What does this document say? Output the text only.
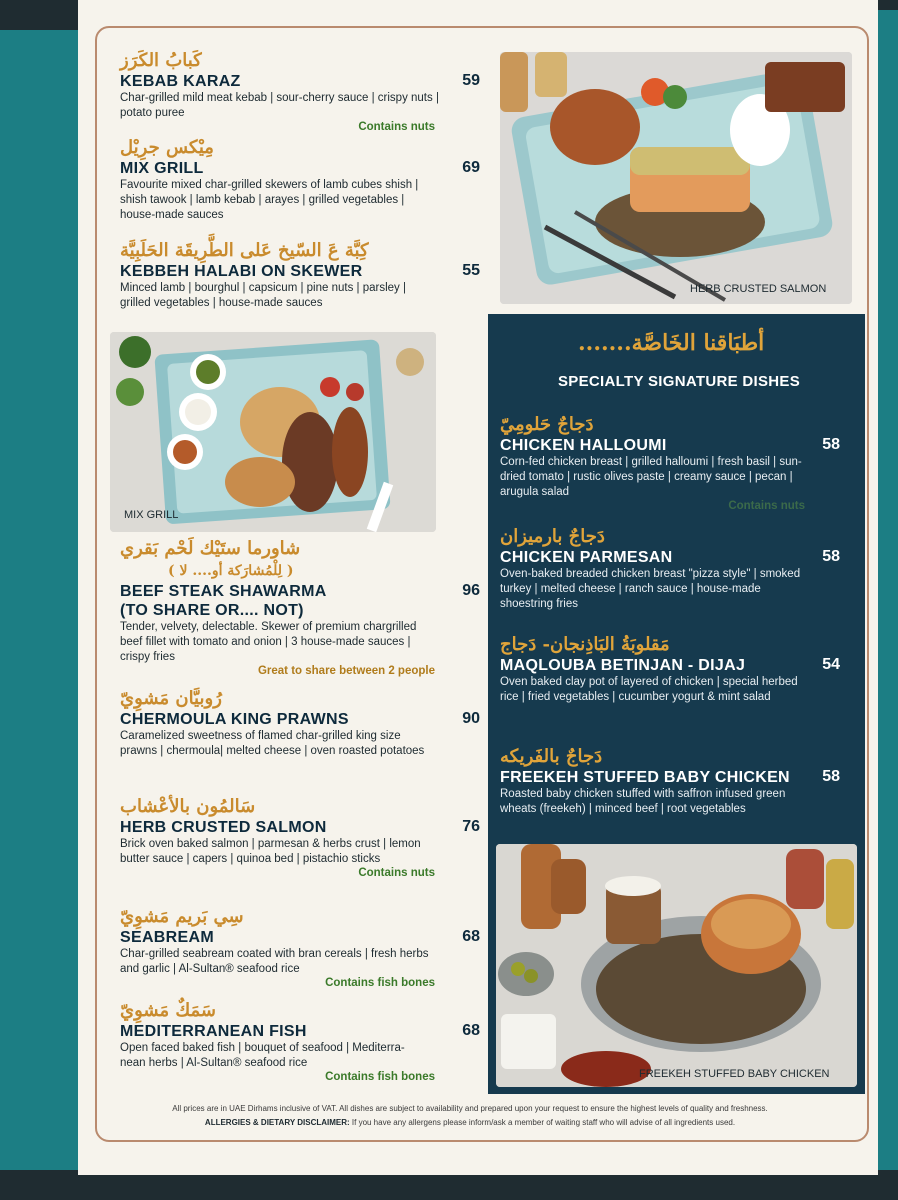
كَبابُ الكَرَز
KEBAB KARAZ	59
Char-grilled mild meat kebab | sour-cherry sauce | crispy nuts | potato puree
Contains nuts
مِيْكس جرِيْل
MIX GRILL	69
Favourite mixed char-grilled skewers of lamb cubes shish | shish tawook | lamb kebab | arayes | grilled vegetables | house-made sauces
كِبَّة عَ السّيخ عَلى الطَّرِيقَة الحَلَبِيَّة
KEBBEH HALABI ON SKEWER	55
Minced lamb | bourghul | capsicum | pine nuts | parsley | grilled vegetables | house-made sauces
MIX GRILL
شاورما ستَيْك لَحْم بَقري
( لِلْمُشارَكة أو.... لا )
BEEF STEAK SHAWARMA	96
(TO SHARE OR.... NOT)
Tender, velvety, delectable. Skewer of premium chargrilled beef fillet with tomato and onion | 3 house-made sauces | crispy fries
Great to share between 2 people
رُوبيَّان مَشوِيّ
CHERMOULA KING PRAWNS	90
Caramelized sweetness of flamed char-grilled king size prawns | chermoula| melted cheese | oven roasted potatoes
سَالمُون بالأعْشاب
HERB CRUSTED SALMON	76
Brick oven baked salmon | parmesan & herbs crust | lemon butter sauce | capers | quinoa bed | pistachio sticks
Contains nuts
سِي بَريم مَشوِيّ
SEABREAM	68
Char-grilled seabream coated with bran cereals | fresh herbs and garlic | Al-Sultan® seafood rice
Contains fish bones
سَمَكٌ مَشوِيّ
MEDITERRANEAN FISH	68
Open faced baked fish | bouquet of seafood | Mediterra-nean herbs | Al-Sultan® seafood rice
Contains fish bones
HERB CRUSTED SALMON
أطبَاقنا الخَاصَّة.......
SPECIALTY SIGNATURE DISHES
دَجاجٌ حَلومِيّ
CHICKEN HALLOUMI	58
Corn-fed chicken breast | grilled halloumi | fresh basil | sun-dried tomato | rustic olives paste | creamy sauce | pecan | arugula salad
Contains nuts
دَجاجٌ بارميزان
CHICKEN PARMESAN	58
Oven-baked breaded chicken breast "pizza style" | smoked turkey | melted cheese | ranch sauce | house-made shoestring fries
مَقلوبَةُ البَاذِنجان- دَجاج
MAQLOUBA BETINJAN - DIJAJ	54
Oven baked clay pot of layered of chicken | special herbed rice | fried vegetables | cucumber yogurt & mint salad
دَجاجٌ بالفَريكه
FREEKEH STUFFED BABY CHICKEN	58
Roasted baby chicken stuffed with saffron infused green wheats (freekeh) | minced beef | root vegetables
FREEKEH STUFFED BABY CHICKEN
All prices are in UAE Dirhams inclusive of VAT. All dishes are subject to availability and prepared upon your request to ensure the highest levels of quality and freshness.
ALLERGIES & DIETARY DISCLAIMER: If you have any allergens please inform/ask a member of waiting staff who will advise of all ingredients used.
